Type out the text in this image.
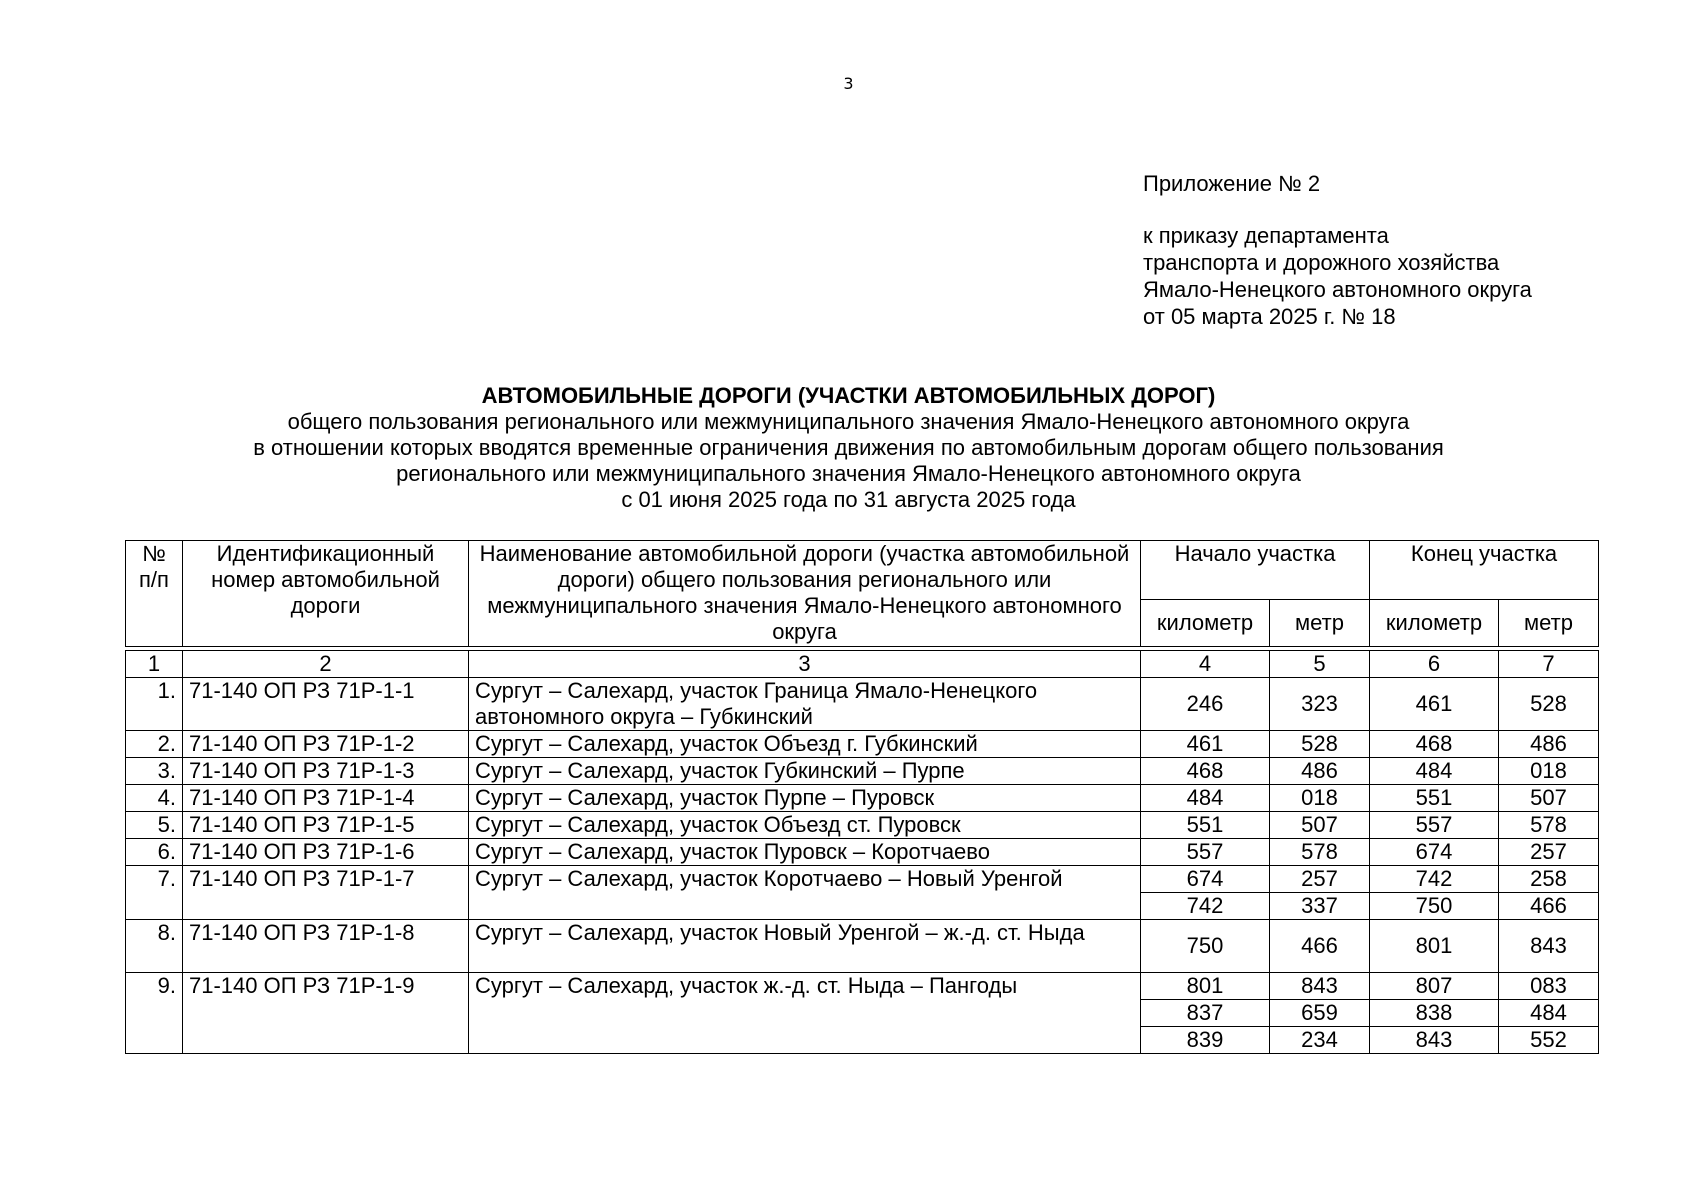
3
Приложение № 2
к приказу департамента
транспорта и дорожного хозяйства
Ямало-Ненецкого автономного округа
от 05 марта 2025 г. № 18
АВТОМОБИЛЬНЫЕ ДОРОГИ (УЧАСТКИ АВТОМОБИЛЬНЫХ ДОРОГ)
общего пользования регионального или межмуниципального значения Ямало-Ненецкого автономного округа
в отношении которых вводятся временные ограничения движения по автомобильным дорогам общего пользования
регионального или межмуниципального значения Ямало-Ненецкого автономного округа
с 01 июня 2025 года по 31 августа 2025 года
№ п/п	Идентификационный номер автомобильной дороги	Наименование автомобильной дороги (участка автомобильной дороги) общего пользования регионального или межмуниципального значения Ямало-Ненецкого автономного округа	Начало участка		Конец участка	
			километр	метр	километр	метр

1	2	3	4	5	6	7
1.	71-140 ОП РЗ 71Р-1-1	Сургут – Салехард, участок Граница Ямало-Ненецкого автономного округа – Губкинский	246	323	461	528
2.	71-140 ОП РЗ 71Р-1-2	Сургут – Салехард, участок Объезд г. Губкинский	461	528	468	486
3.	71-140 ОП РЗ 71Р-1-3	Сургут – Салехард, участок Губкинский – Пурпе	468	486	484	018
4.	71-140 ОП РЗ 71Р-1-4	Сургут – Салехард, участок Пурпе – Пуровск	484	018	551	507
5.	71-140 ОП РЗ 71Р-1-5	Сургут – Салехард, участок Объезд ст. Пуровск	551	507	557	578
6.	71-140 ОП РЗ 71Р-1-6	Сургут – Салехард, участок Пуровск – Коротчаево	557	578	674	257
7.	71-140 ОП РЗ 71Р-1-7	Сургут – Салехард, участок Коротчаево – Новый Уренгой	674	257	742	258
			742	337	750	466
8.	71-140 ОП РЗ 71Р-1-8	Сургут – Салехард, участок Новый Уренгой – ж.-д. ст. Ныда	750	466	801	843
9.	71-140 ОП РЗ 71Р-1-9	Сургут – Салехард, участок ж.-д. ст. Ныда – Пангоды	801	843	807	083
			837	659	838	484
			839	234	843	552
